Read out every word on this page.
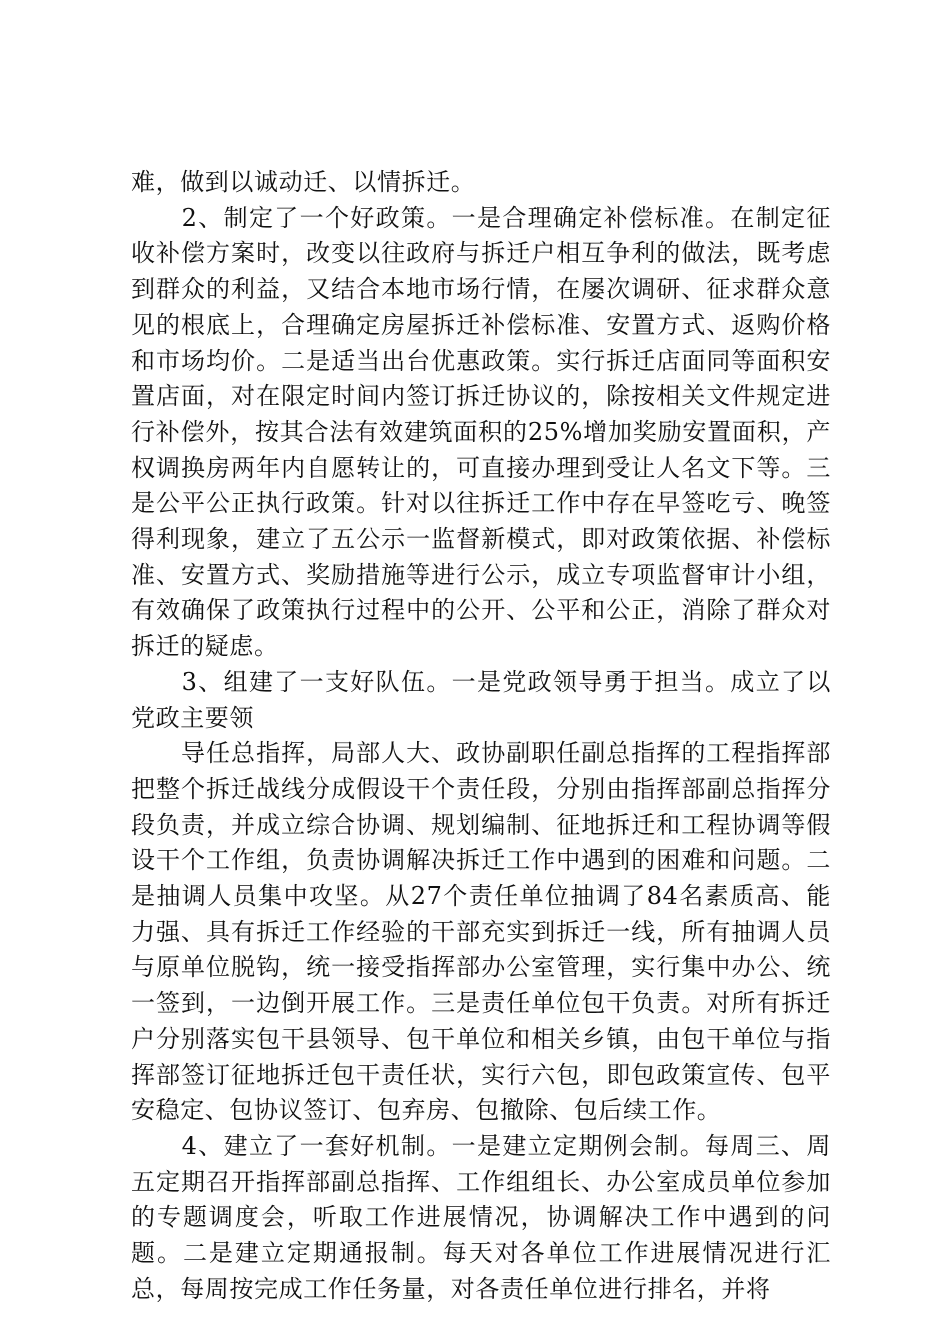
难，做到以诚动迁、以情拆迁。

　　2、制定了一个好政策。一是合理确定补偿标准。在制定征收补偿方案时，改变以往政府与拆迁户相互争利的做法，既考虑到群众的利益，又结合本地市场行情，在屡次调研、征求群众意见的根底上，合理确定房屋拆迁补偿标准、安置方式、返购价格和市场均价。二是适当出台优惠政策。实行拆迁店面同等面积安置店面，对在限定时间内签订拆迁协议的，除按相关文件规定进行补偿外，按其合法有效建筑面积的25%增加奖励安置面积，产权调换房两年内自愿转让的，可直接办理到受让人名文下等。三是公平公正执行政策。针对以往拆迁工作中存在早签吃亏、晚签得利现象，建立了五公示一监督新模式，即对政策依据、补偿标准、安置方式、奖励措施等进行公示，成立专项监督审计小组，有效确保了政策执行过程中的公开、公平和公正，消除了群众对拆迁的疑虑。

　　3、组建了一支好队伍。一是党政领导勇于担当。成立了以党政主要领

　　导任总指挥，局部人大、政协副职任副总指挥的工程指挥部把整个拆迁战线分成假设干个责任段，分别由指挥部副总指挥分段负责，并成立综合协调、规划编制、征地拆迁和工程协调等假设干个工作组，负责协调解决拆迁工作中遇到的困难和问题。二是抽调人员集中攻坚。从27个责任单位抽调了84名素质高、能力强、具有拆迁工作经验的干部充实到拆迁一线，所有抽调人员与原单位脱钩，统一接受指挥部办公室管理，实行集中办公、统一签到，一边倒开展工作。三是责任单位包干负责。对所有拆迁户分别落实包干县领导、包干单位和相关乡镇，由包干单位与指挥部签订征地拆迁包干责任状，实行六包，即包政策宣传、包平安稳定、包协议签订、包弃房、包撤除、包后续工作。

　　4、建立了一套好机制。一是建立定期例会制。每周三、周五定期召开指挥部副总指挥、工作组组长、办公室成员单位参加的专题调度会，听取工作进展情况，协调解决工作中遇到的问题。二是建立定期通报制。每天对各单位工作进展情况进行汇总，每周按完成工作任务量，对各责任单位进行排名，并将
